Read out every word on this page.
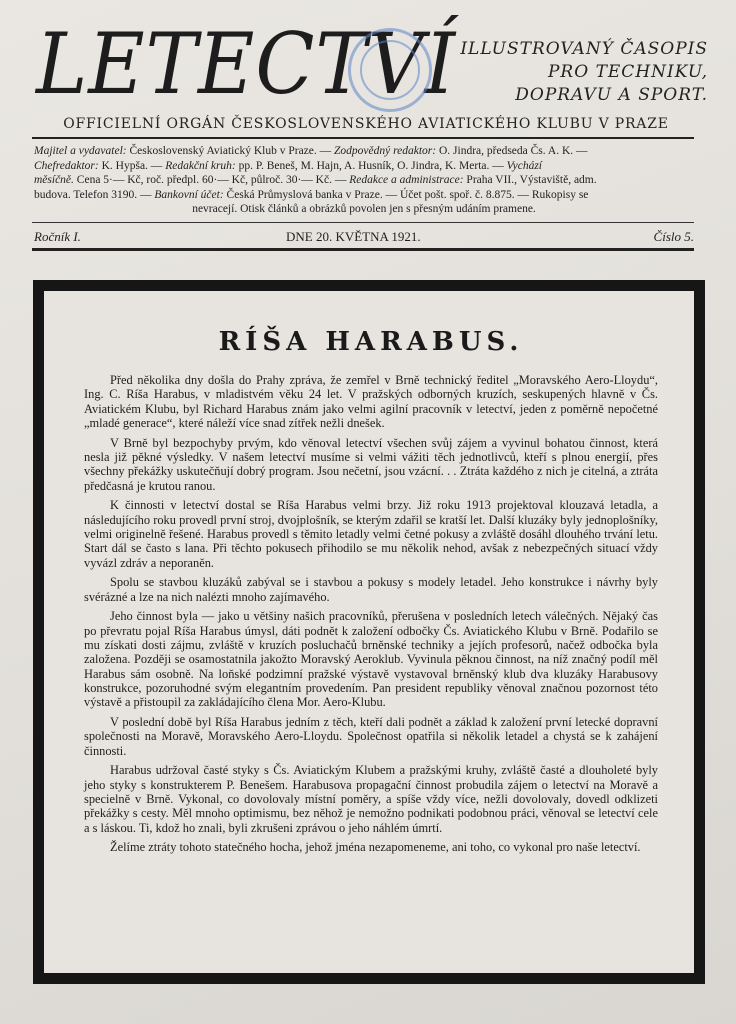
LETECTVÍ ILLUSTROVANÝ ČASOPIS
PRO TECHNIKU,
DOPRAVU A SPORT.
OFFICIELNÍ ORGÁN ČESKOSLOVENSKÉHO AVIATICKÉHO KLUBU V PRAZE
Majitel a vydavatel: Československý Aviatický Klub v Praze. — Zodpovědný redaktor: O. Jindra, předseda Čs. A. K. —
Chefredaktor: K. Hypša. — Redakční kruh: pp. P. Beneš, M. Hajn, A. Husník, O. Jindra, K. Merta. — Vychází
měsíčně. Cena 5·— Kč, roč. předpl. 60·— Kč, půlroč. 30·— Kč. — Redakce a administrace: Praha VII., Výstaviště, adm.
budova. Telefon 3190. — Bankovní účet: Česká Průmyslová banka v Praze. — Účet pošt. spoř. č. 8.875. — Rukopisy se
nevracejí. Otisk článků a obrázků povolen jen s přesným udáním pramene.
Ročník I.	DNE 20. KVĚTNA 1921.	Číslo 5.
RÍŠA HARABUS.

Před několika dny došla do Prahy zpráva, že zemřel v Brně technický ředitel „Moravského Aero-Lloydu“, Ing. C. Ríša Harabus, v mladistvém věku 24 let. V pražských odborných kruzích, seskupených hlavně v Čs. Aviatickém Klubu, byl Richard Harabus znám jako velmi agilní pracovník v letectví, jeden z poměrně nepočetné „mladé generace“, které náleží více snad zítřek nežli dnešek.

V Brně byl bezpochyby prvým, kdo věnoval letectví všechen svůj zájem a vyvinul bohatou činnost, která nesla již pěkné výsledky. V našem letectví musíme si velmi vážiti těch jednotlivců, kteří s plnou energií, přes všechny překážky uskutečňují dobrý program. Jsou nečetní, jsou vzácní. . . Ztráta každého z nich je citelná, a ztráta předčasná je krutou ranou.

K činnosti v letectví dostal se Ríša Harabus velmi brzy. Již roku 1913 projektoval klouzavá letadla, a následujícího roku provedl první stroj, dvojplošník, se kterým zdařil se kratší let. Další kluzáky byly jednoplošníky, velmi originelně řešené. Harabus provedl s těmito letadly velmi četné pokusy a zvláště dosáhl dlouhého trvání letu. Start dál se často s lana. Při těchto pokusech přihodilo se mu několik nehod, avšak z nebezpečných situací vždy vyvázl zdráv a neporaněn.

Spolu se stavbou kluzáků zabýval se i stavbou a pokusy s modely letadel. Jeho konstrukce i návrhy byly svérázné a lze na nich nalézti mnoho zajímavého.

Jeho činnost byla — jako u většiny našich pracovníků, přerušena v posledních letech válečných. Nějaký čas po převratu pojal Ríša Harabus úmysl, dáti podnět k založení odbočky Čs. Aviatického Klubu v Brně. Podařilo se mu získati dosti zájmu, zvláště v kruzích posluchačů brněnské techniky a jejích profesorů, načež odbočka byla založena. Později se osamostatnila jakožto Moravský Aeroklub. Vyvinula pěknou činnost, na níž značný podíl měl Harabus sám osobně. Na loňské podzimní pražské výstavě vystavoval brněnský klub dva kluzáky Harabusovy konstrukce, pozoruhodné svým elegantním provedením. Pan president republiky věnoval značnou pozornost této výstavě a přistoupil za zakládajícího člena Mor. Aero-Klubu.

V poslední době byl Ríša Harabus jedním z těch, kteří dali podnět a základ k založení první letecké dopravní společnosti na Moravě, Moravského Aero-Lloydu. Společnost opatřila si několik letadel a chystá se k zahájení činnosti.

Harabus udržoval časté styky s Čs. Aviatickým Klubem a pražskými kruhy, zvláště časté a dlouholeté byly jeho styky s konstrukterem P. Benešem. Harabusova propagační činnost probudila zájem o letectví na Moravě a specielně v Brně. Vykonal, co dovolovaly místní poměry, a spíše vždy více, nežli dovolovaly, dovedl odklizeti překážky s cesty. Měl mnoho optimismu, bez něhož je nemožno podnikati podobnou práci, věnoval se letectví cele a s láskou. Ti, kdož ho znali, byli zkrušeni zprávou o jeho náhlém úmrtí.

Želíme ztráty tohoto statečného hocha, jehož jména nezapomeneme, ani toho, co vykonal pro naše letectví.
